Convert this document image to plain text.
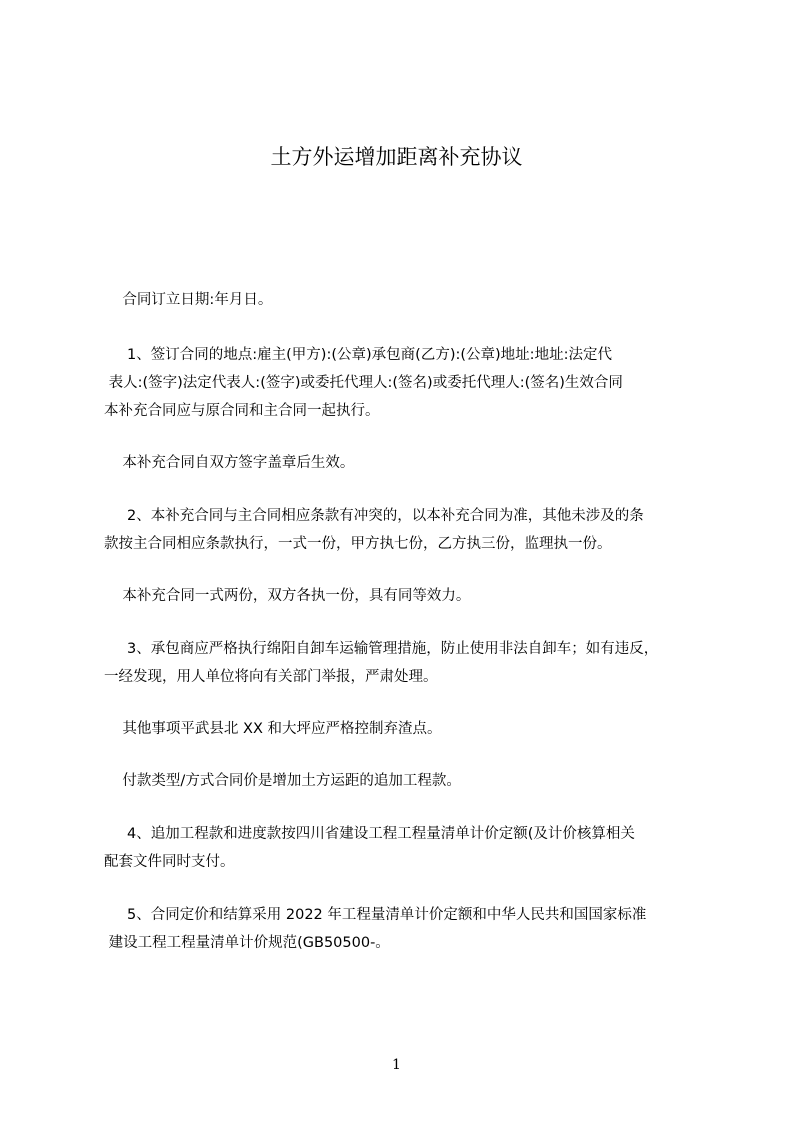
土方外运增加距离补充协议
合同订立日期:年月日。
1、签订合同的地点:雇主(甲方):(公章)承包商(乙方):(公章)地址:地址:法定代
表人:(签字)法定代表人:(签字)或委托代理人:(签名)或委托代理人:(签名)生效合同
本补充合同应与原合同和主合同一起执行。
本补充合同自双方签字盖章后生效。
2、本补充合同与主合同相应条款有冲突的，以本补充合同为准，其他未涉及的条
款按主合同相应条款执行，一式一份，甲方执七份，乙方执三份，监理执一份。
本补充合同一式两份，双方各执一份，具有同等效力。
3、承包商应严格执行绵阳自卸车运输管理措施，防止使用非法自卸车；如有违反，
一经发现，用人单位将向有关部门举报，严肃处理。
其他事项平武县北 XX 和大坪应严格控制弃渣点。
付款类型/方式合同价是增加土方运距的追加工程款。
4、追加工程款和进度款按四川省建设工程工程量清单计价定额(及计价核算相关
配套文件同时支付。
5、合同定价和结算采用 2022 年工程量清单计价定额和中华人民共和国国家标准
建设工程工程量清单计价规范(GB50500-。
1
